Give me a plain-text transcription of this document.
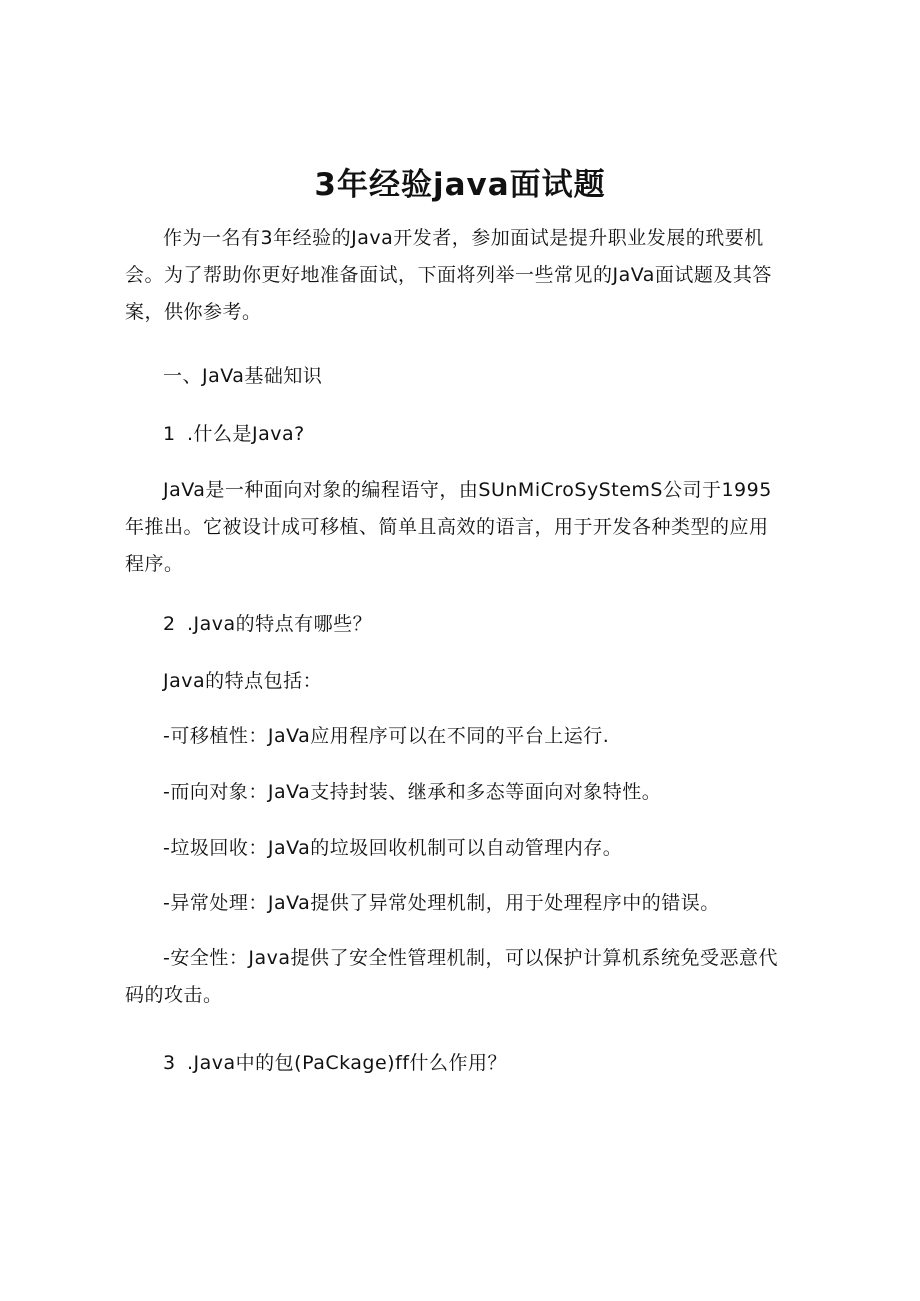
3年经验java面试题
作为一名有3年经验的Java开发者，参加面试是提升职业发展的玳要机会。为了帮助你更好地准备面试，下面将列举一些常见的JaVa面试题及其答案，供你参考。
一、JaVa基础知识
1 .什么是Java?
JaVa是一种面向对象的编程语守，由SUnMiCroSyStemS公司于1995年推出。它被设计成可移植、简单且高效的语言，用于开发各种类型的应用程序。
2 .Java的特点有哪些？
Java的特点包括：
-可移植性：JaVa应用程序可以在不同的平台上运行.
-而向对象：JaVa支持封装、继承和多态等面向对象特性。
-垃圾回收：JaVa的垃圾回收机制可以自动管理内存。
-异常处理：JaVa提供了异常处理机制，用于处理程序中的错误。
-安全性：Java提供了安全性管理机制，可以保护计算机系统免受恶意代码的攻击。
3 .Java中的包(PaCkage)ff什么作用？
